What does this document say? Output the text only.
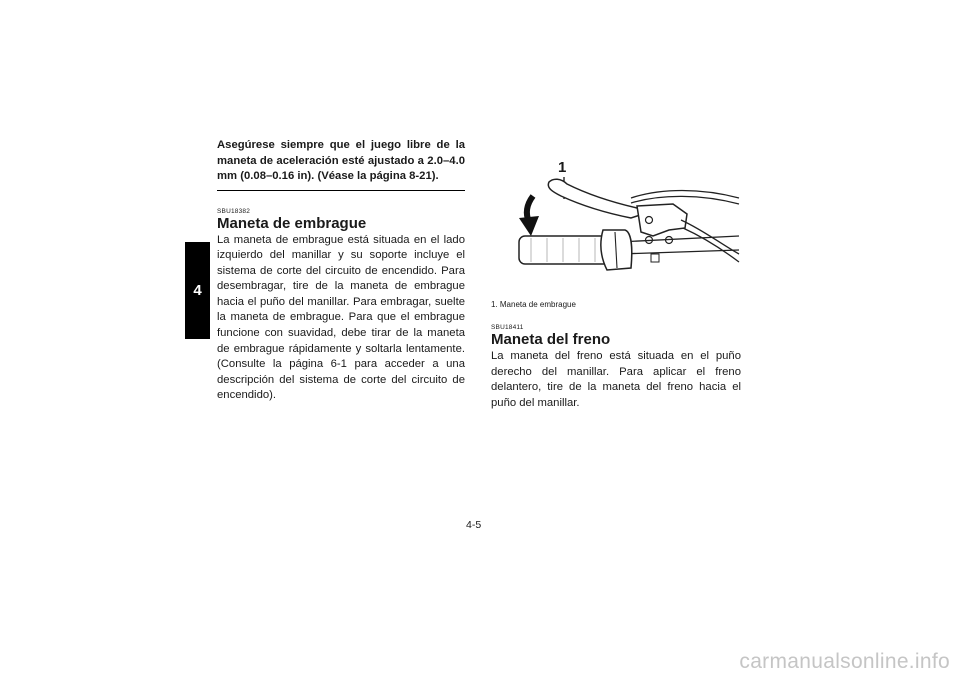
4

Asegúrese siempre que el juego libre de la maneta de aceleración esté ajustado a 2.0–4.0 mm (0.08–0.16 in). (Véase la página 8-21).

SBU18382

Maneta de embrague

La maneta de embrague está situada en el lado izquierdo del manillar y su soporte incluye el sistema de corte del circuito de encendido. Para desembragar, tire de la maneta de embrague hacia el puño del manillar. Para embragar, suelte la maneta de embrague. Para que el embrague funcione con suavidad, debe tirar de la maneta de embrague rápidamente y soltarla lentamente. (Consulte la página 6-1 para acceder a una descripción del sistema de corte del circuito de encendido).

1

1. Maneta de embrague

SBU18411

Maneta del freno

La maneta del freno está situada en el puño derecho del manillar. Para aplicar el freno delantero, tire de la maneta del freno hacia el puño del manillar.

4-5
carmanualsonline.info
